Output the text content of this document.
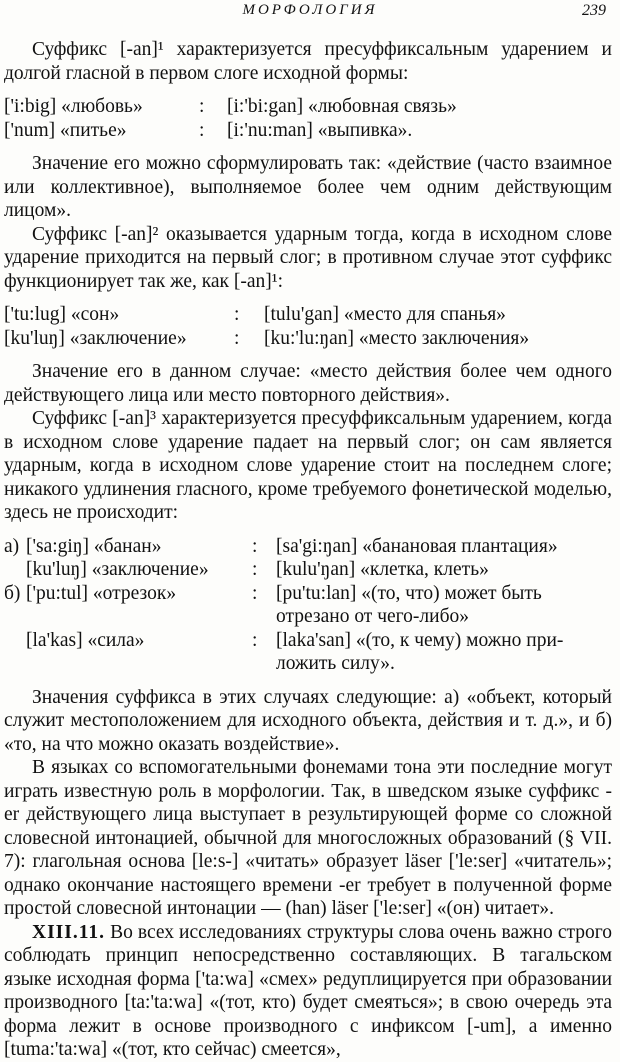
МОРФОЛОГИЯ	239

Суффикс [-an]¹ характеризуется пресуффиксальным ударением и долгой гласной в первом слоге исходной формы:

['i:big] «любовь»	:	[i:'bi:gan] «любовная связь»
['num] «питье»	:	[i:'nu:man] «выпивка».

Значение его можно сформулировать так: «действие (часто взаимное или коллективное), выполняемое более чем одним действующим лицом».

Суффикс [-an]² оказывается ударным тогда, когда в исходном слове ударение приходится на первый слог; в противном случае этот суффикс функционирует так же, как [-an]¹:

['tu:lug] «сон»	:	[tulu'gan] «место для спанья»
[ku'luŋ] «заключение»	:	[ku:'lu:ŋan] «место заключения»

Значение его в данном случае: «место действия более чем одного действующего лица или место повторного действия».

Суффикс [-an]³ характеризуется пресуффиксальным ударением, когда в исходном слове ударение падает на первый слог; он сам является ударным, когда в исходном слове ударение стоит на последнем слоге; никакого удлинения гласного, кроме требуемого фонетической моделью, здесь не происходит:

а) ['sa:giŋ] «банан»	: [sa'gi:ŋan] «банановая плантация»
[ku'luŋ] «заключение»	: [kulu'ŋan] «клетка, клеть»
б) ['pu:tul] «отрезок»	: [pu'tu:lan] «(то, что) может быть
отрезано от чего-либо»
[la'kas] «сила»	: [laka'san] «(то, к чему) можно при-
ложить силу».

Значения суффикса в этих случаях следующие: а) «объект, который служит местоположением для исходного объекта, действия и т. д.», и б) «то, на что можно оказать воздействие».

В языках со вспомогательными фонемами тона эти последние могут играть известную роль в морфологии. Так, в шведском языке суффикс -er действующего лица выступает в результирующей форме со сложной словесной интонацией, обычной для многосложных образований (§ VII. 7): глагольная основа [le:s-] «читать» образует läser ['le:ser] «читатель»; однако окончание настоящего времени -er требует в полученной форме простой словесной интонации — (han) läser ['le:ser] «(он) читает».

XIII.11. Во всех исследованиях структуры слова очень важно строго соблюдать принцип непосредственно составляющих. В тагальском языке исходная форма ['ta:wa] «смех» редуплицируется при образовании производного [ta:'ta:wa] «(тот, кто) будет смеяться»; в свою очередь эта форма лежит в основе производного с инфиксом [-um], а именно [tuma:'ta:wa] «(тот, кто сейчас) смеется»,
